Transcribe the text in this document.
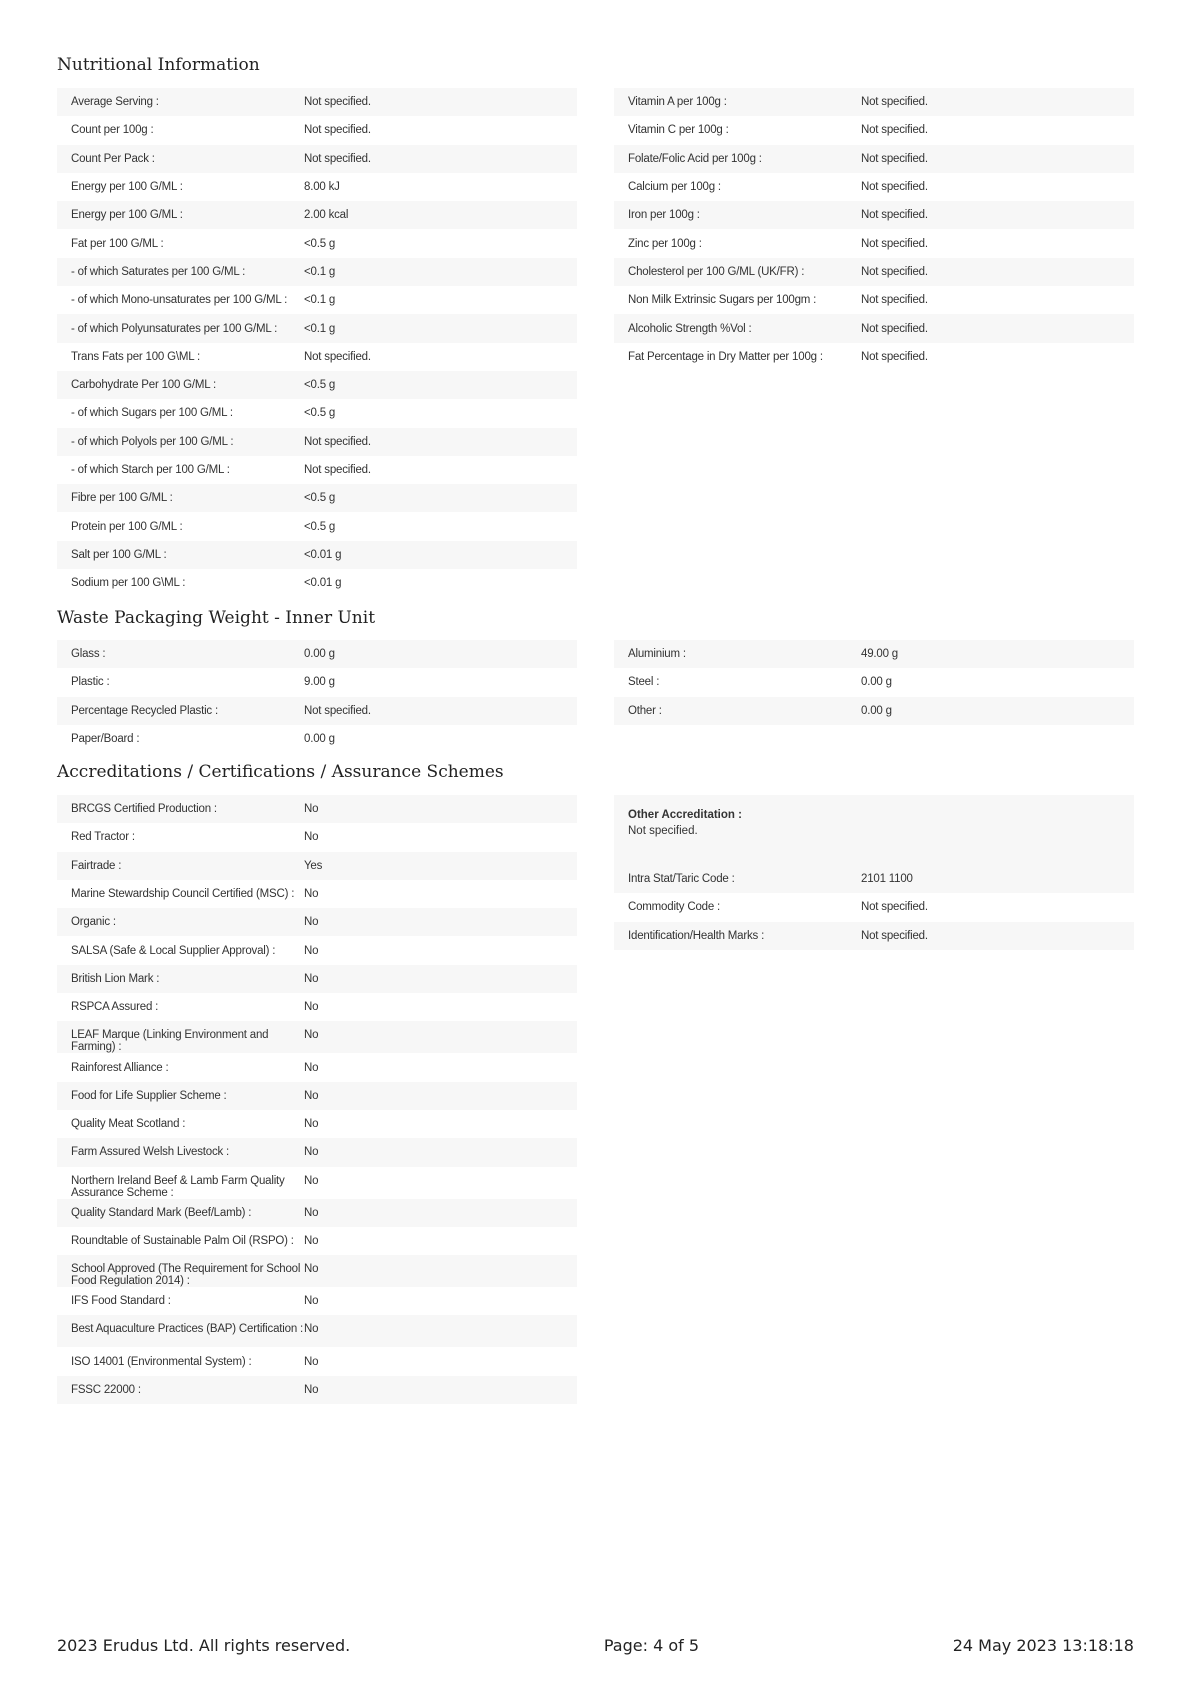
Nutritional Information
Average Serving :	Not specified.
Count per 100g :	Not specified.
Count Per Pack :	Not specified.
Energy per 100 G/ML :	8.00 kJ
Energy per 100 G/ML :	2.00 kcal
Fat per 100 G/ML :	<0.5 g
- of which Saturates per 100 G/ML :	<0.1 g
- of which Mono-unsaturates per 100 G/ML :	<0.1 g
- of which Polyunsaturates per 100 G/ML :	<0.1 g
Trans Fats per 100 G\ML :	Not specified.
Carbohydrate Per 100 G/ML :	<0.5 g
- of which Sugars per 100 G/ML :	<0.5 g
- of which Polyols per 100 G/ML :	Not specified.
- of which Starch per 100 G/ML :	Not specified.
Fibre per 100 G/ML :	<0.5 g
Protein per 100 G/ML :	<0.5 g
Salt per 100 G/ML :	<0.01 g
Sodium per 100 G\ML :	<0.01 g
Vitamin A per 100g :	Not specified.
Vitamin C per 100g :	Not specified.
Folate/Folic Acid per 100g :	Not specified.
Calcium per 100g :	Not specified.
Iron per 100g :	Not specified.
Zinc per 100g :	Not specified.
Cholesterol per 100 G/ML (UK/FR) :	Not specified.
Non Milk Extrinsic Sugars per 100gm :	Not specified.
Alcoholic Strength %Vol :	Not specified.
Fat Percentage in Dry Matter per 100g :	Not specified.
Waste Packaging Weight - Inner Unit
Glass :	0.00 g
Plastic :	9.00 g
Percentage Recycled Plastic :	Not specified.
Paper/Board :	0.00 g
Aluminium :	49.00 g
Steel :	0.00 g
Other :	0.00 g
Accreditations / Certifications / Assurance Schemes
BRCGS Certified Production :	No
Red Tractor :	No
Fairtrade :	Yes
Marine Stewardship Council Certified (MSC) : No
Organic :	No
SALSA (Safe & Local Supplier Approval) :	No
British Lion Mark :	No
RSPCA Assured :	No
LEAF Marque (Linking Environment and Farming) :
No
Rainforest Alliance :	No
Food for Life Supplier Scheme :	No
Quality Meat Scotland :	No
Farm Assured Welsh Livestock :	No
Northern Ireland Beef & Lamb Farm Quality Assurance Scheme :
No
Quality Standard Mark (Beef/Lamb) :	No
Roundtable of Sustainable Palm Oil (RSPO) : No
School Approved (The Requirement for School Food Regulation 2014) :
No
IFS Food Standard :	No
Best Aquaculture Practices (BAP) Certification : No
ISO 14001 (Environmental System) :	No
FSSC 22000 :	No
Other Accreditation :
Not specified.
Intra Stat/Taric Code :	2101 1100
Commodity Code :	Not specified.
Identification/Health Marks :	Not specified.
2023 Erudus Ltd. All rights reserved.	Page: 4 of 5	24 May 2023 13:18:18
